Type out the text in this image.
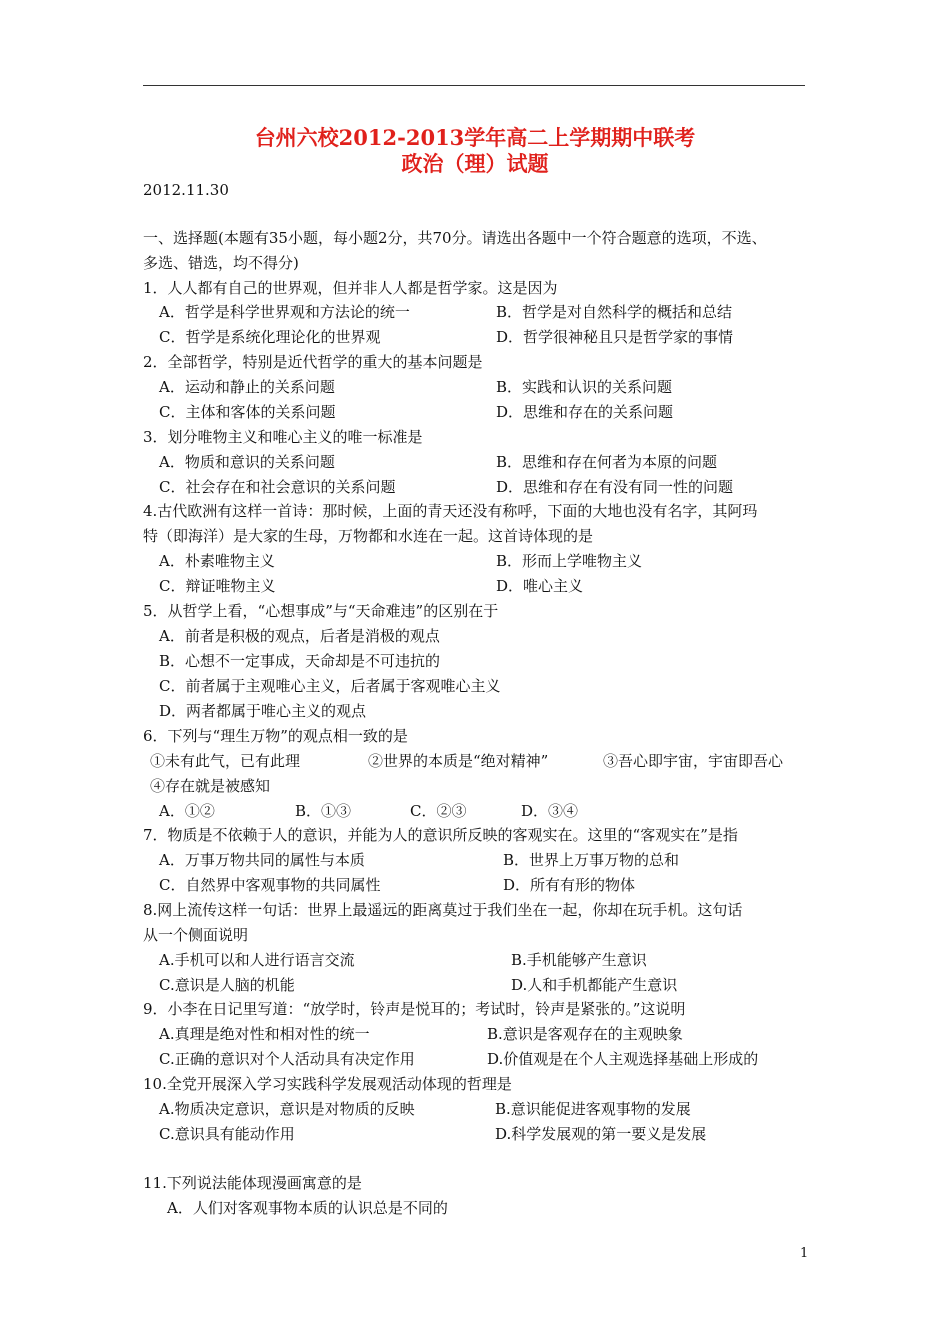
台州六校2012-2013学年高二上学期期中联考
政治（理）试题
2012.11.30
一、选择题(本题有35小题，每小题2分，共70分。请选出各题中一个符合题意的选项，不选、
多选、错选，均不得分)
1．人人都有自己的世界观，但并非人人都是哲学家。这是因为
A．哲学是科学世界观和方法论的统一	B．哲学是对自然科学的概括和总结
C．哲学是系统化理论化的世界观	D．哲学很神秘且只是哲学家的事情
2．全部哲学，特别是近代哲学的重大的基本问题是
A．运动和静止的关系问题	B．实践和认识的关系问题
C．主体和客体的关系问题	D．思维和存在的关系问题
3．划分唯物主义和唯心主义的唯一标准是
A．物质和意识的关系问题	B．思维和存在何者为本原的问题
C．社会存在和社会意识的关系问题	D．思维和存在有没有同一性的问题
4.古代欧洲有这样一首诗：那时候，上面的青天还没有称呼，下面的大地也没有名字，其阿玛
特（即海洋）是大家的生母，万物都和水连在一起。这首诗体现的是
A．朴素唯物主义	B．形而上学唯物主义
C．辩证唯物主义	D．唯心主义
5．从哲学上看，“心想事成”与“天命难违”的区别在于
A．前者是积极的观点，后者是消极的观点
B．心想不一定事成，天命却是不可违抗的
C．前者属于主观唯心主义，后者属于客观唯心主义
D．两者都属于唯心主义的观点
6．下列与“理生万物”的观点相一致的是
①未有此气，已有此理	②世界的本质是“绝对精神”	③吾心即宇宙，宇宙即吾心
④存在就是被感知
A．①②	B．①③	C．②③	D．③④
7．物质是不依赖于人的意识，并能为人的意识所反映的客观实在。这里的“客观实在”是指
A．万事万物共同的属性与本质	B．世界上万事万物的总和
C．自然界中客观事物的共同属性	D．所有有形的物体
8.网上流传这样一句话：世界上最遥远的距离莫过于我们坐在一起，你却在玩手机。这句话
从一个侧面说明
A.手机可以和人进行语言交流	B.手机能够产生意识
C.意识是人脑的机能	D.人和手机都能产生意识
9．小李在日记里写道：“放学时，铃声是悦耳的；考试时，铃声是紧张的。”这说明
A.真理是绝对性和相对性的统一	B.意识是客观存在的主观映象
C.正确的意识对个人活动具有决定作用	D.价值观是在个人主观选择基础上形成的
10.全党开展深入学习实践科学发展观活动体现的哲理是
A.物质决定意识，意识是对物质的反映	B.意识能促进客观事物的发展
C.意识具有能动作用	D.科学发展观的第一要义是发展
11.下列说法能体现漫画寓意的是
A．人们对客观事物本质的认识总是不同的
1
